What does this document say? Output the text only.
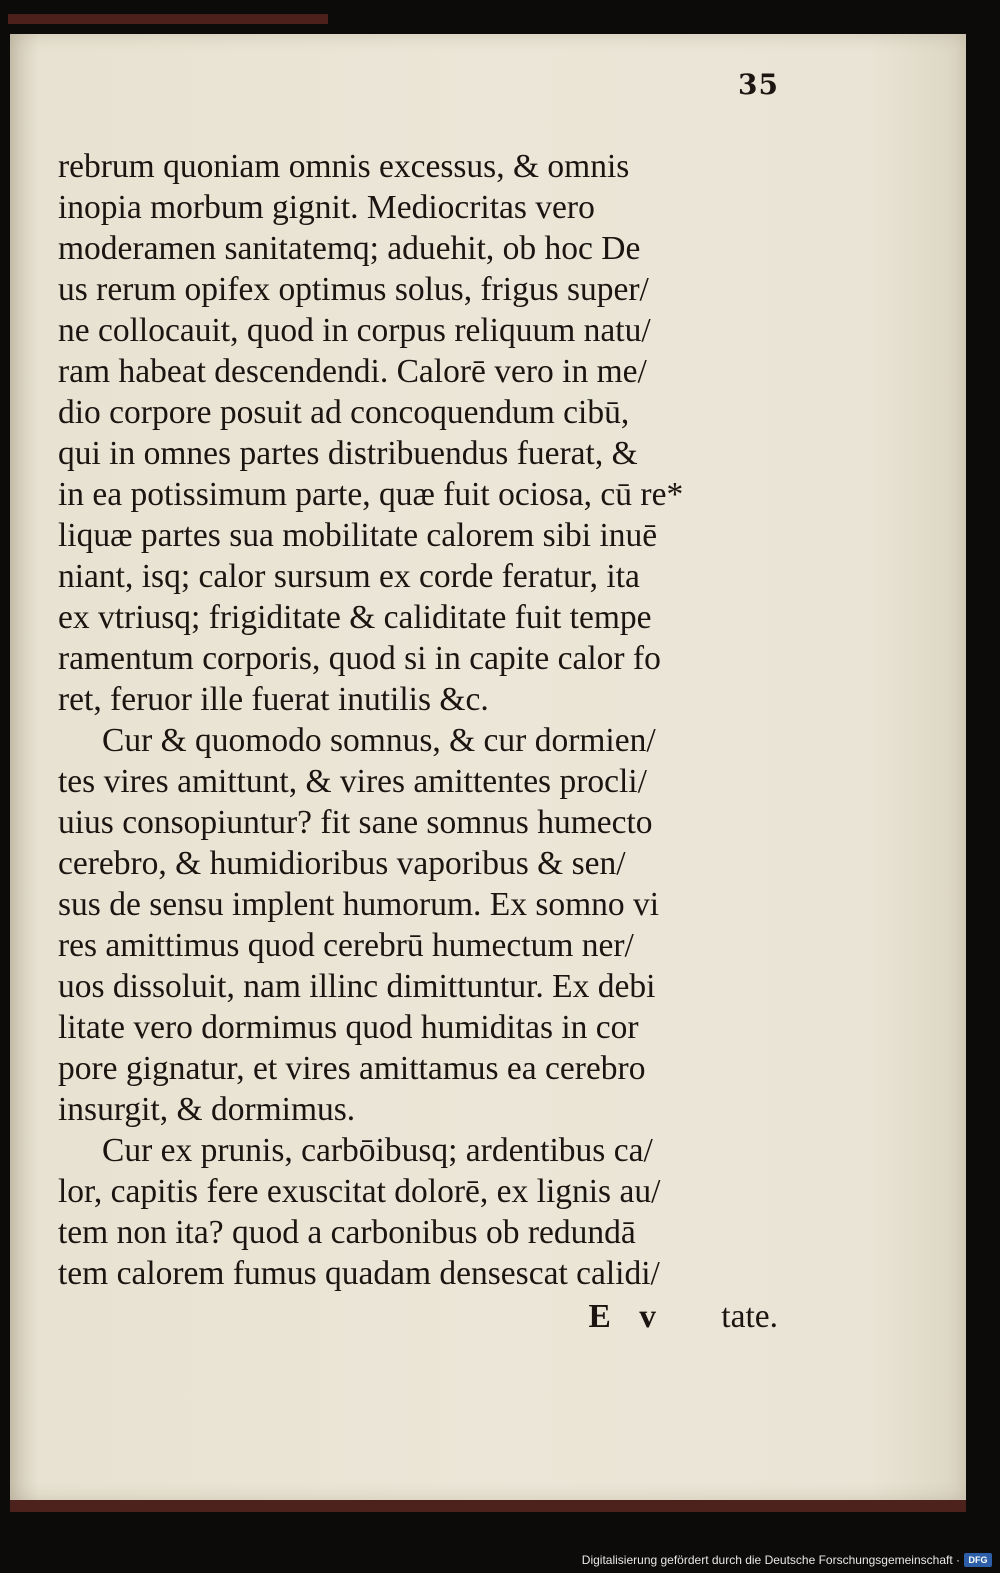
35
rebrum quoniam omnis excessus, & omnis
inopia morbum gignit. Mediocritas vero
moderamen sanitatemq; aduehit, ob hoc De
us rerum opifex optimus solus, frigus super/
ne collocauit, quod in corpus reliquum natu/
ram habeat descendendi. Calorē vero in me/
dio corpore posuit ad concoquendum cibū,
qui in omnes partes distribuendus fuerat, &
in ea potissimum parte, quæ fuit ociosa, cū re*
liquæ partes sua mobilitate calorem sibi inuē
niant, isq; calor sursum ex corde feratur, ita
ex vtriusq; frigiditate & caliditate fuit tempe
ramentum corporis, quod si in capite calor fo
ret, feruor ille fuerat inutilis &c.
Cur & quomodo somnus, & cur dormien/
tes vires amittunt, & vires amittentes procli/
uius consopiuntur? fit sane somnus humecto
cerebro, & humidioribus vaporibus & sen/
sus de sensu implent humorum. Ex somno vi
res amittimus quod cerebrū humectum ner/
uos dissoluit, nam illinc dimittuntur. Ex debi
litate vero dormimus quod humiditas in cor
pore gignatur, et vires amittamus ea cerebro
insurgit, & dormimus.
Cur ex prunis, carbōibusq; ardentibus ca/
lor, capitis fere exuscitat dolorē, ex lignis au/
tem non ita? quod a carbonibus ob redundā
tem calorem fumus quadam densescat calidi/
E v tate.
Digitalisierung gefördert durch die Deutsche Forschungsgemeinschaft · DFG
